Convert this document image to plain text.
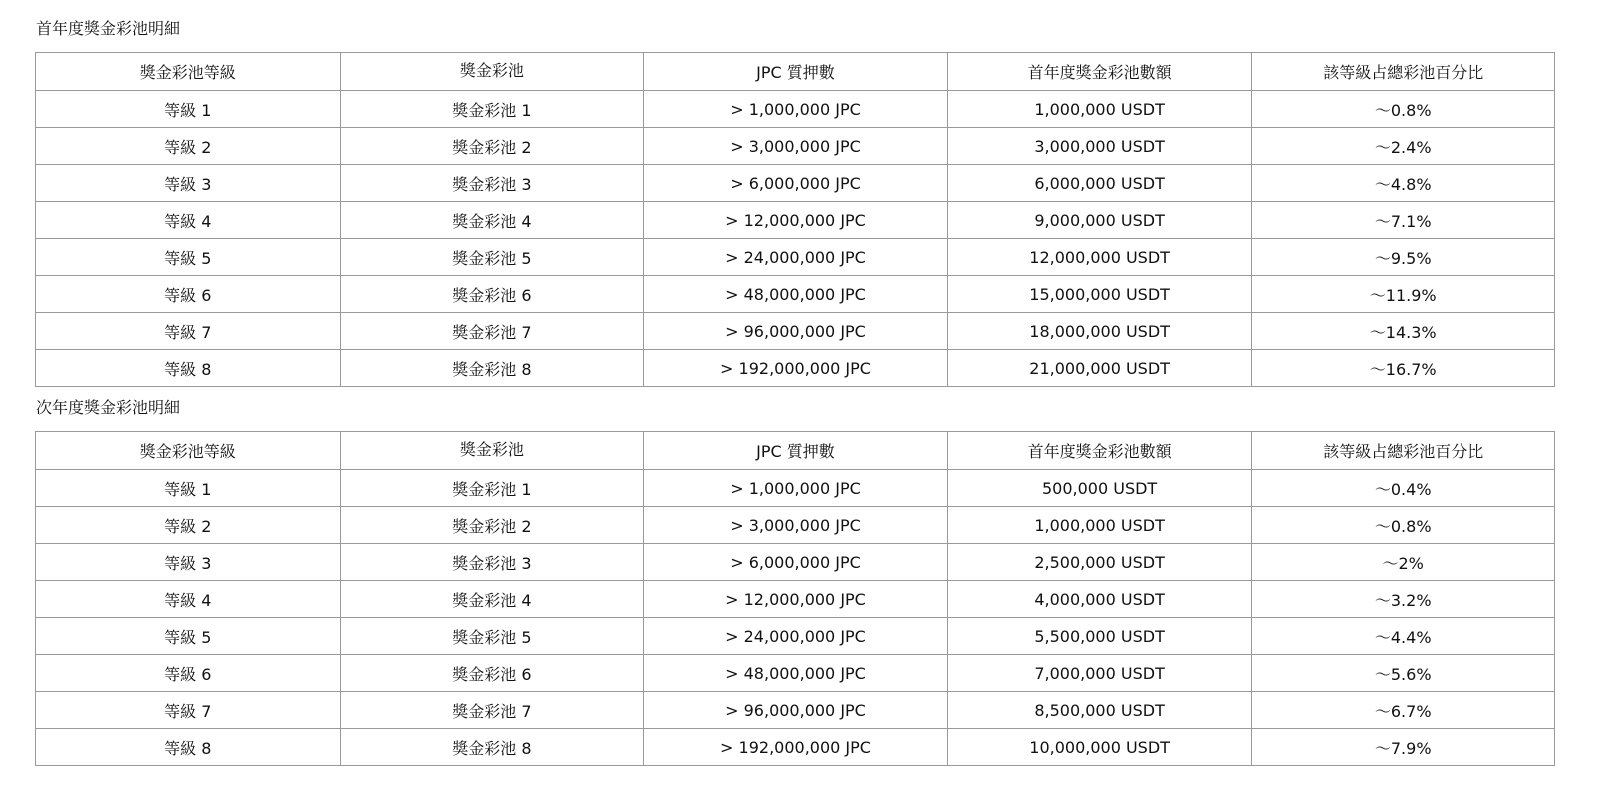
首年度獎金彩池明細
獎金彩池等級	獎金彩池	JPC 質押數	首年度獎金彩池數額	該等級占總彩池百分比
等級 1	獎金彩池 1	> 1,000,000 JPC	1,000,000 USDT	～0.8%
等級 2	獎金彩池 2	> 3,000,000 JPC	3,000,000 USDT	～2.4%
等級 3	獎金彩池 3	> 6,000,000 JPC	6,000,000 USDT	～4.8%
等級 4	獎金彩池 4	> 12,000,000 JPC	9,000,000 USDT	～7.1%
等級 5	獎金彩池 5	> 24,000,000 JPC	12,000,000 USDT	～9.5%
等級 6	獎金彩池 6	> 48,000,000 JPC	15,000,000 USDT	～11.9%
等級 7	獎金彩池 7	> 96,000,000 JPC	18,000,000 USDT	～14.3%
等級 8	獎金彩池 8	> 192,000,000 JPC	21,000,000 USDT	～16.7%
次年度獎金彩池明細
獎金彩池等級	獎金彩池	JPC 質押數	首年度獎金彩池數額	該等級占總彩池百分比
等級 1	獎金彩池 1	> 1,000,000 JPC	500,000 USDT	～0.4%
等級 2	獎金彩池 2	> 3,000,000 JPC	1,000,000 USDT	～0.8%
等級 3	獎金彩池 3	> 6,000,000 JPC	2,500,000 USDT	～2%
等級 4	獎金彩池 4	> 12,000,000 JPC	4,000,000 USDT	～3.2%
等級 5	獎金彩池 5	> 24,000,000 JPC	5,500,000 USDT	～4.4%
等級 6	獎金彩池 6	> 48,000,000 JPC	7,000,000 USDT	～5.6%
等級 7	獎金彩池 7	> 96,000,000 JPC	8,500,000 USDT	～6.7%
等級 8	獎金彩池 8	> 192,000,000 JPC	10,000,000 USDT	～7.9%
